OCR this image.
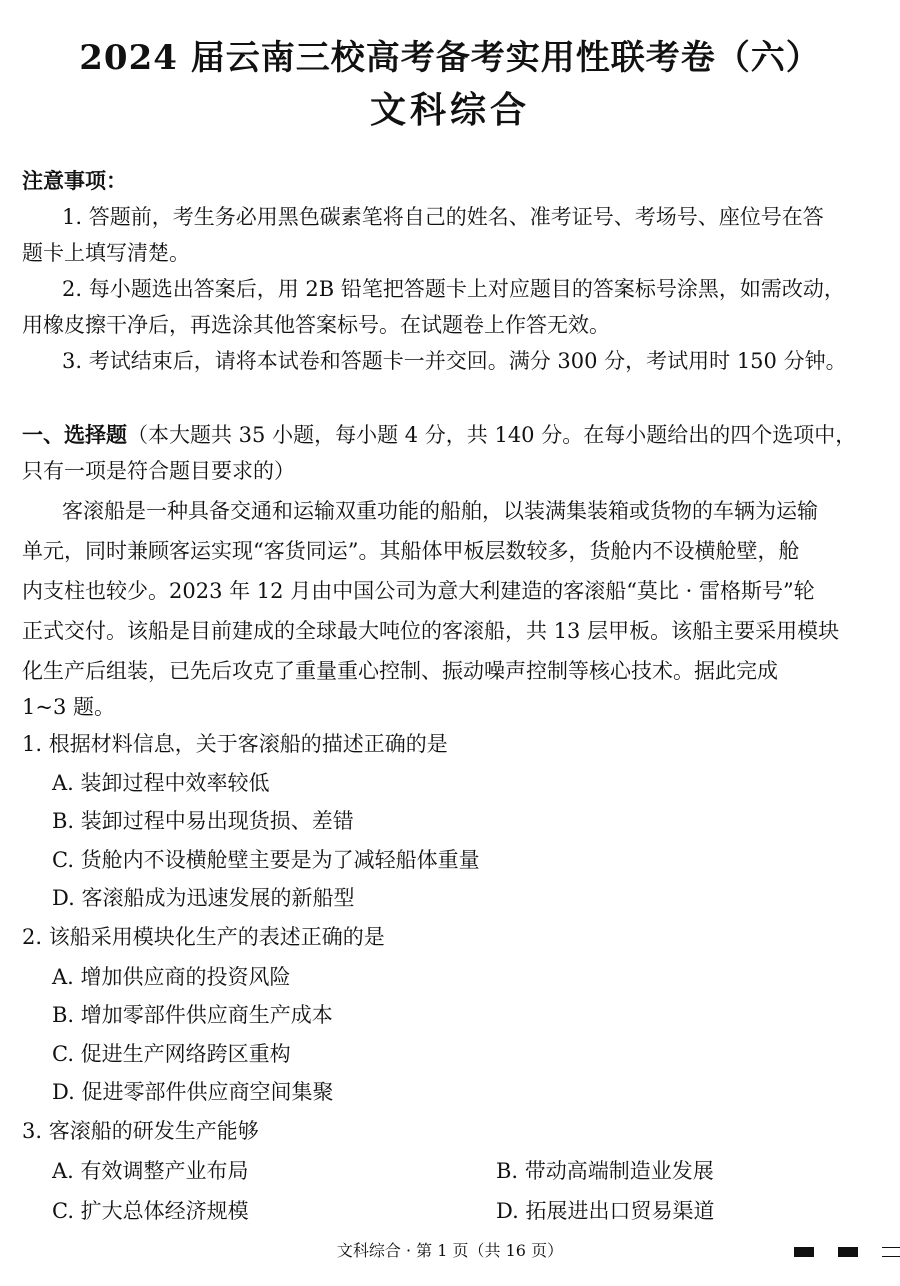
2024 届云南三校高考备考实用性联考卷（六）
文科综合
注意事项：
1. 答题前，考生务必用黑色碳素笔将自己的姓名、准考证号、考场号、座位号在答
题卡上填写清楚。
2. 每小题选出答案后，用 2B 铅笔把答题卡上对应题目的答案标号涂黑，如需改动，
用橡皮擦干净后，再选涂其他答案标号。在试题卷上作答无效。
3. 考试结束后，请将本试卷和答题卡一并交回。满分 300 分，考试用时 150 分钟。
一、选择题（本大题共 35 小题，每小题 4 分，共 140 分。在每小题给出的四个选项中，
只有一项是符合题目要求的）
客滚船是一种具备交通和运输双重功能的船舶，以装满集装箱或货物的车辆为运输
单元，同时兼顾客运实现“客货同运”。其船体甲板层数较多，货舱内不设横舱壁，舱
内支柱也较少。2023 年 12 月由中国公司为意大利建造的客滚船“莫比 · 雷格斯号”轮
正式交付。该船是目前建成的全球最大吨位的客滚船，共 13 层甲板。该船主要采用模块
化生产后组装，已先后攻克了重量重心控制、振动噪声控制等核心技术。据此完成
1~3 题。
1. 根据材料信息，关于客滚船的描述正确的是
A. 装卸过程中效率较低
B. 装卸过程中易出现货损、差错
C. 货舱内不设横舱壁主要是为了减轻船体重量
D. 客滚船成为迅速发展的新船型
2. 该船采用模块化生产的表述正确的是
A. 增加供应商的投资风险
B. 增加零部件供应商生产成本
C. 促进生产网络跨区重构
D. 促进零部件供应商空间集聚
3. 客滚船的研发生产能够
A. 有效调整产业布局	B. 带动高端制造业发展
C. 扩大总体经济规模	D. 拓展进出口贸易渠道
文科综合 · 第 1 页（共 16 页）
